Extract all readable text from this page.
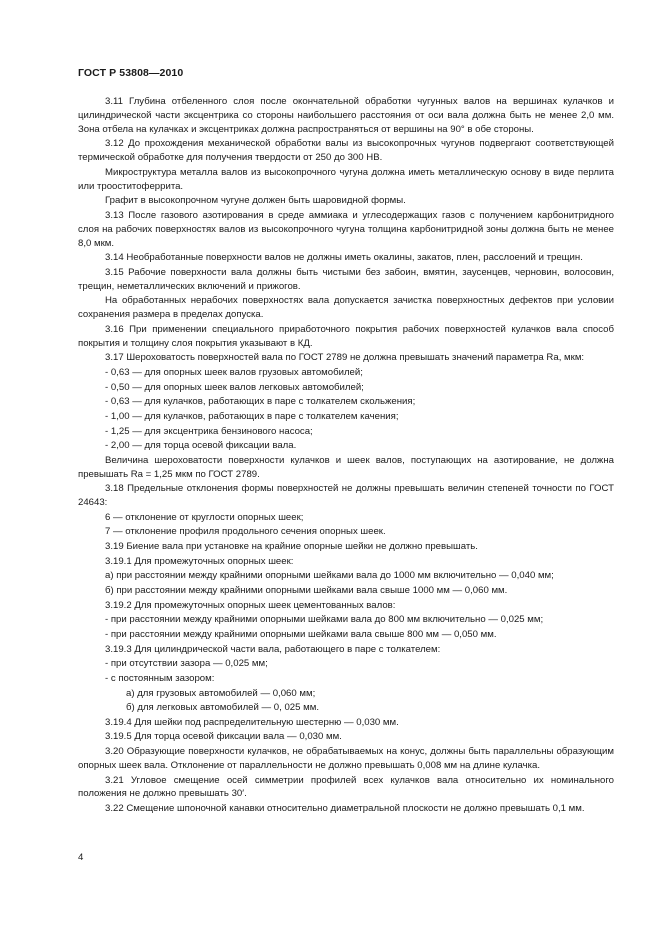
ГОСТ Р 53808—2010

3.11 Глубина отбеленного слоя после окончательной обработки чугунных валов на вершинах кулачков и цилиндрической части эксцентрика со стороны наибольшего расстояния от оси вала должна быть не менее 2,0 мм. Зона отбела на кулачках и эксцентриках должна распространяться от вершины на 90° в обе стороны.

3.12 До прохождения механической обработки валы из высокопрочных чугунов подвергают соответствующей термической обработке для получения твердости от 250 до 300 НВ.

Микроструктура металла валов из высокопрочного чугуна должна иметь металлическую основу в виде перлита или трооститоферрита.

Графит в высокопрочном чугуне должен быть шаровидной формы.

3.13 После газового азотирования в среде аммиака и углесодержащих газов с получением карбонитридного слоя на рабочих поверхностях валов из высокопрочного чугуна толщина карбонитридной зоны должна быть не менее 8,0 мкм.

3.14 Необработанные поверхности валов не должны иметь окалины, закатов, плен, расслоений и трещин.

3.15 Рабочие поверхности вала должны быть чистыми без забоин, вмятин, заусенцев, черновин, волосовин, трещин, неметаллических включений и прижогов.

На обработанных нерабочих поверхностях вала допускается зачистка поверхностных дефектов при условии сохранения размера в пределах допуска.

3.16 При применении специального приработочного покрытия рабочих поверхностей кулачков вала способ покрытия и толщину слоя покрытия указывают в КД.

3.17 Шероховатость поверхностей вала по ГОСТ 2789 не должна превышать значений параметра Ra, мкм:

- 0,63 — для опорных шеек валов грузовых автомобилей;

- 0,50 — для опорных шеек валов легковых автомобилей;

- 0,63 — для кулачков, работающих в паре с толкателем скольжения;

- 1,00 — для кулачков, работающих в паре с толкателем качения;

- 1,25 — для эксцентрика бензинового насоса;

- 2,00 — для торца осевой фиксации вала.

Величина шероховатости поверхности кулачков и шеек валов, поступающих на азотирование, не должна превышать Ra = 1,25 мкм по ГОСТ 2789.

3.18 Предельные отклонения формы поверхностей не должны превышать величин степеней точности по ГОСТ 24643:

6 — отклонение от круглости опорных шеек;

7 — отклонение профиля продольного сечения опорных шеек.

3.19 Биение вала при установке на крайние опорные шейки не должно превышать.

3.19.1 Для промежуточных опорных шеек:

а) при расстоянии между крайними опорными шейками вала до 1000 мм включительно — 0,040 мм;

б) при расстоянии между крайними опорными шейками вала свыше 1000 мм — 0,060 мм.

3.19.2 Для промежуточных опорных шеек цементованных валов:

- при расстоянии между крайними опорными шейками вала до 800 мм включительно — 0,025 мм;

- при расстоянии между крайними опорными шейками вала свыше 800 мм — 0,050 мм.

3.19.3 Для цилиндрической части вала, работающего в паре с толкателем:

- при отсутствии зазора — 0,025 мм;

- с постоянным зазором:

а) для грузовых автомобилей — 0,060 мм;

б) для легковых автомобилей — 0, 025 мм.

3.19.4 Для шейки под распределительную шестерню — 0,030 мм.

3.19.5 Для торца осевой фиксации вала — 0,030 мм.

3.20 Образующие поверхности кулачков, не обрабатываемых на конус, должны быть параллельны образующим опорных шеек вала. Отклонение от параллельности не должно превышать 0,008 мм на длине кулачка.

3.21 Угловое смещение осей симметрии профилей всех кулачков вала относительно их номинального положения не должно превышать 30′.

3.22 Смещение шпоночной канавки относительно диаметральной плоскости не должно превышать 0,1 мм.

4
